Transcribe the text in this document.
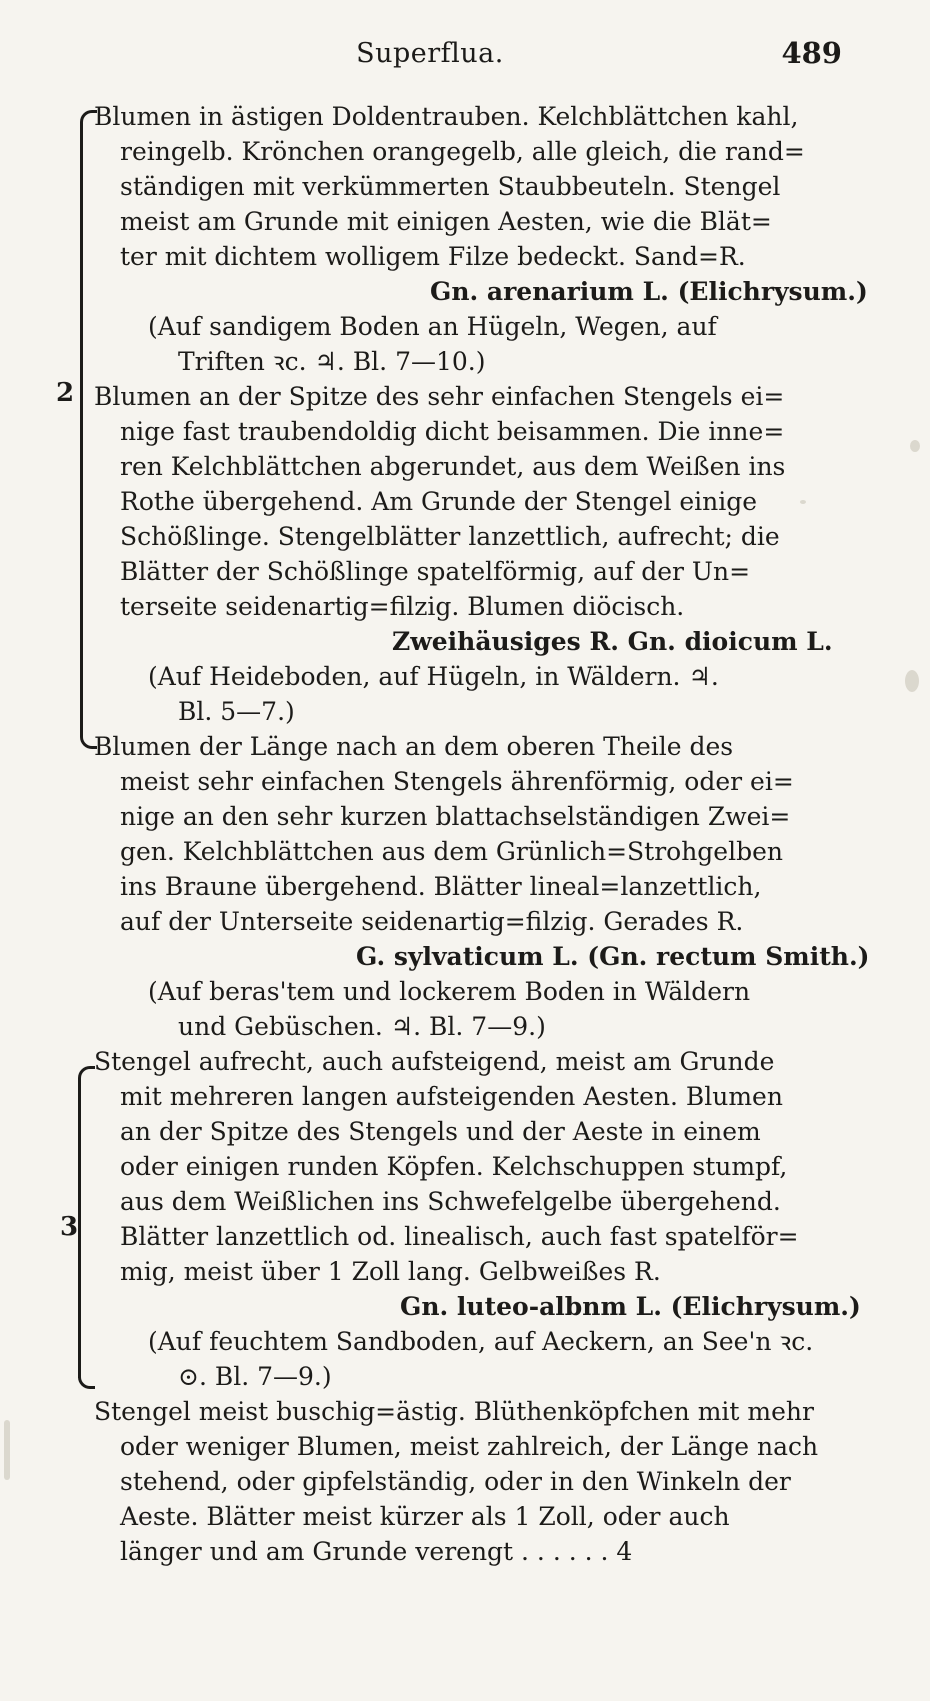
Superflua.	489
2
3
Blumen in ästigen Doldentrauben. Kelchblättchen kahl,
reingelb. Krönchen orangegelb, alle gleich, die rand=
ständigen mit verkümmerten Staubbeuteln. Stengel
meist am Grunde mit einigen Aesten, wie die Blät=
ter mit dichtem wolligem Filze bedeckt. Sand=R.
Gn. arenarium L. (Elichrysum.)
(Auf sandigem Boden an Hügeln, Wegen, auf
Triften ꝛc. ♃. Bl. 7—10.)
Blumen an der Spitze des sehr einfachen Stengels ei=
nige fast traubendoldig dicht beisammen. Die inne=
ren Kelchblättchen abgerundet, aus dem Weißen ins
Rothe übergehend. Am Grunde der Stengel einige
Schößlinge. Stengelblätter lanzettlich, aufrecht; die
Blätter der Schößlinge spatelförmig, auf der Un=
terseite seidenartig=filzig. Blumen diöcisch.
Zweihäusiges R. Gn. dioicum L.
(Auf Heideboden, auf Hügeln, in Wäldern. ♃.
Bl. 5—7.)
Blumen der Länge nach an dem oberen Theile des
meist sehr einfachen Stengels ährenförmig, oder ei=
nige an den sehr kurzen blattachselständigen Zwei=
gen. Kelchblättchen aus dem Grünlich=Strohgelben
ins Braune übergehend. Blätter lineal=lanzettlich,
auf der Unterseite seidenartig=filzig. Gerades R.
G. sylvaticum L. (Gn. rectum Smith.)
(Auf beras'tem und lockerem Boden in Wäldern
und Gebüschen. ♃. Bl. 7—9.)
Stengel aufrecht, auch aufsteigend, meist am Grunde
mit mehreren langen aufsteigenden Aesten. Blumen
an der Spitze des Stengels und der Aeste in einem
oder einigen runden Köpfen. Kelchschuppen stumpf,
aus dem Weißlichen ins Schwefelgelbe übergehend.
Blätter lanzettlich od. linealisch, auch fast spatelför=
mig, meist über 1 Zoll lang. Gelbweißes R.
Gn. luteo-albnm L. (Elichrysum.)
(Auf feuchtem Sandboden, auf Aeckern, an See'n ꝛc.
⊙. Bl. 7—9.)
Stengel meist buschig=ästig. Blüthenköpfchen mit mehr
oder weniger Blumen, meist zahlreich, der Länge nach
stehend, oder gipfelständig, oder in den Winkeln der
Aeste. Blätter meist kürzer als 1 Zoll, oder auch
länger und am Grunde verengt . . . . . . 4
